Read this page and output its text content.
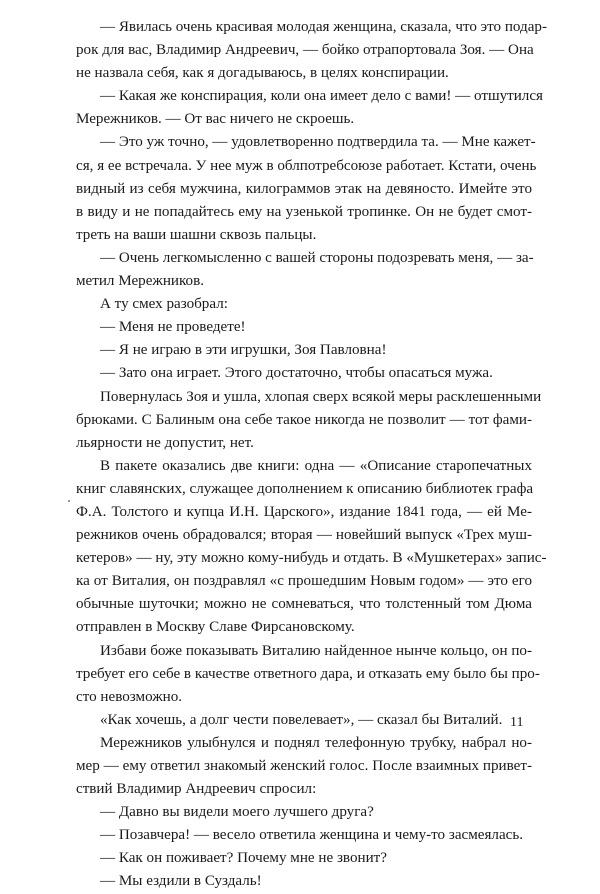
— Явилась очень красивая молодая женщина, сказала, что это подар-
рок для вас, Владимир Андреевич, — бойко отрапортовала Зоя. — Она
не назвала себя, как я догадываюсь, в целях конспирации.
— Какая же конспирация, коли она имеет дело с вами! — отшутился
Мережников. — От вас ничего не скроешь.
— Это уж точно, — удовлетворенно подтвердила та. — Мне кажет-
ся, я ее встречала. У нее муж в облпотребсоюзе работает. Кстати, очень
видный из себя мужчина, килограммов этак на девяносто. Имейте это
в виду и не попадайтесь ему на узенькой тропинке. Он не будет смот-
треть на ваши шашни сквозь пальцы.
— Очень легкомысленно с вашей стороны подозревать меня, — за-
метил Мережников.
А ту смех разобрал:
— Меня не проведете!
— Я не играю в эти игрушки, Зоя Павловна!
— Зато она играет. Этого достаточно, чтобы опасаться мужа.
Повернулась Зоя и ушла, хлопая сверх всякой меры расклешенными
брюками. С Балиным она себе такое никогда не позволит — тот фами-
льярности не допустит, нет.
В пакете оказались две книги: одна — «Описание старопечатных
книг славянских, служащее дополнением к описанию библиотек графа
Ф.А. Толстого и купца И.Н. Царского», издание 1841 года, — ей Ме-
режников очень обрадовался; вторая — новейший выпуск «Трех муш-
кетеров» — ну, эту можно кому-нибудь и отдать. В «Мушкетерах» запис-
ка от Виталия, он поздравлял «с прошедшим Новым годом» — это его
обычные шуточки; можно не сомневаться, что толстенный том Дюма
отправлен в Москву Славе Фирсановскому.
Избави боже показывать Виталию найденное нынче кольцо, он по-
требует его себе в качестве ответного дара, и отказать ему было бы про-
сто невозможно.
«Как хочешь, а долг чести повелевает», — сказал бы Виталий.
Мережников улыбнулся и поднял телефонную трубку, набрал но-
мер — ему ответил знакомый женский голос. После взаимных привет-
ствий Владимир Андреевич спросил:
— Давно вы видели моего лучшего друга?
— Позавчера! — весело ответила женщина и чему-то засмеялась.
— Как он поживает? Почему мне не звонит?
— Мы ездили в Суздаль!
11
